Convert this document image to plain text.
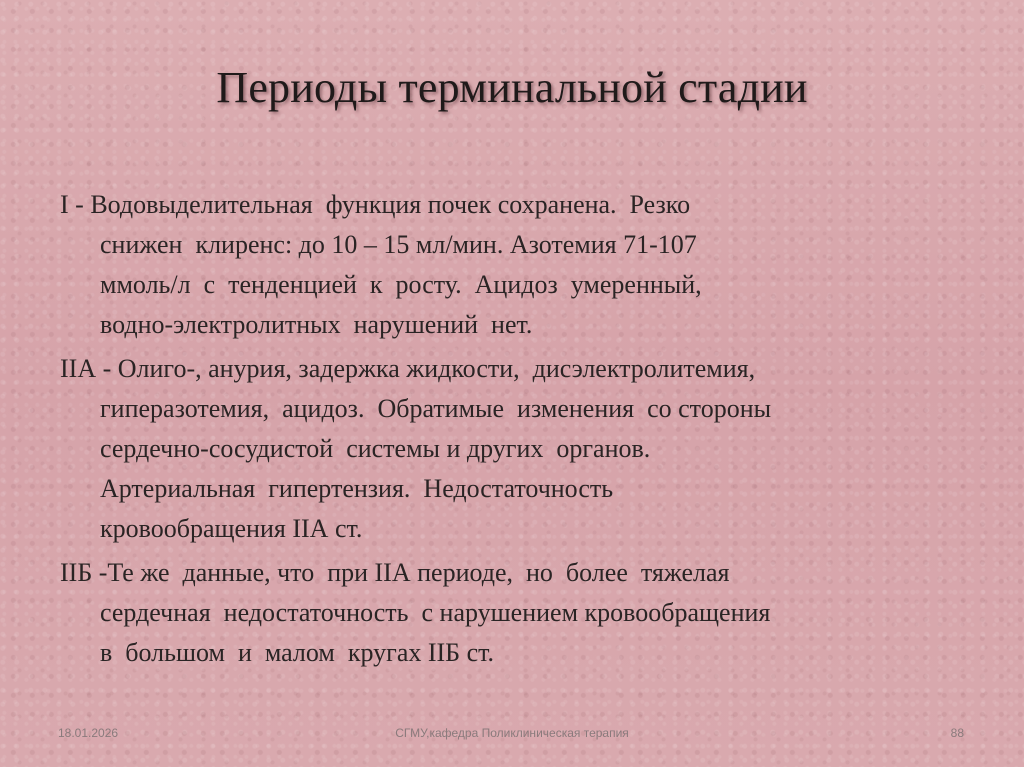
Периоды терминальной стадии
I - Водовыделительная  функция почек сохранена.  Резко
снижен  клиренс: до 10 – 15 мл/мин. Азотемия 71-107
ммоль/л  с  тенденцией  к  росту.  Ацидоз  умеренный,
водно-электролитных  нарушений  нет.
IIА - Олиго-, анурия, задержка жидкости,  дисэлектролитемия,
гиперазотемия,  ацидоз.  Обратимые  изменения  со стороны
сердечно-сосудистой  системы и других  органов.
Артериальная  гипертензия.  Недостаточность
кровообращения IIА ст.
IIБ -Те же  данные, что  при IIА периоде,  но  более  тяжелая
сердечная  недостаточность  с нарушением кровообращения
в  большом  и  малом  кругах IIБ ст.
18.01.2026	СГМУ,кафедра Поликлиническая терапия	88
